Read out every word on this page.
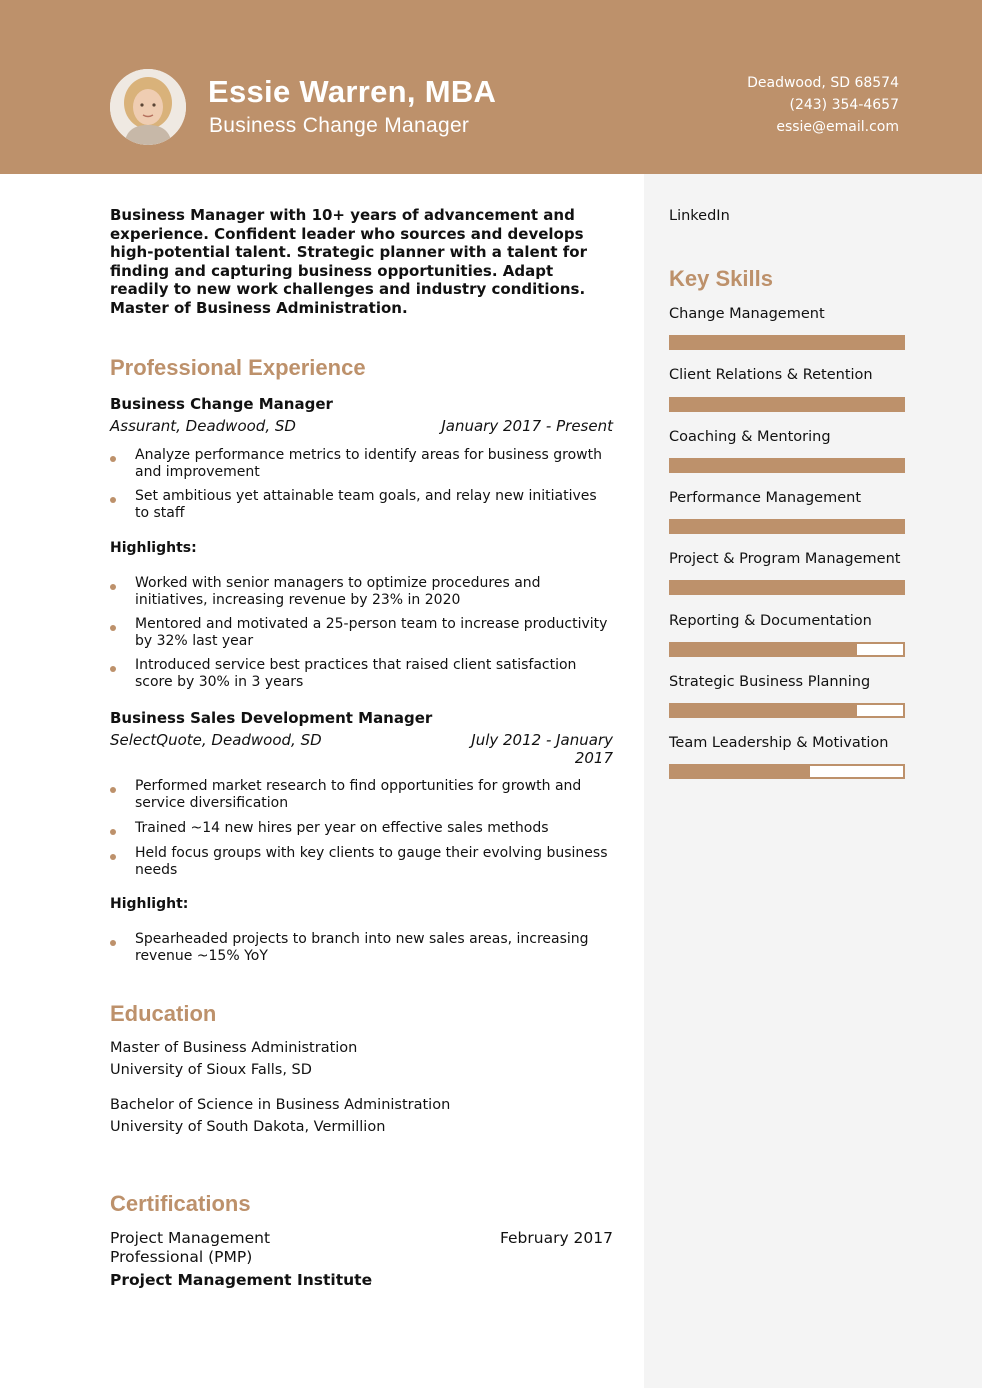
Essie Warren, MBA
Business Change Manager
Deadwood, SD 68574
(243) 354-4657
essie@email.com

Business Manager with 10+ years of advancement and experience. Confident leader who sources and develops high-potential talent. Strategic planner with a talent for finding and capturing business opportunities. Adapt readily to new work challenges and industry conditions. Master of Business Administration.

Professional Experience
Business Change Manager
Assurant, Deadwood, SD	January 2017 - Present
Analyze performance metrics to identify areas for business growth and improvement
Set ambitious yet attainable team goals, and relay new initiatives to staff
Highlights:
Worked with senior managers to optimize procedures and initiatives, increasing revenue by 23% in 2020
Mentored and motivated a 25-person team to increase productivity by 32% last year
Introduced service best practices that raised client satisfaction score by 30% in 3 years
Business Sales Development Manager
SelectQuote, Deadwood, SD	July 2012 - January 2017
Performed market research to find opportunities for growth and service diversification
Trained ~14 new hires per year on effective sales methods
Held focus groups with key clients to gauge their evolving business needs
Highlight:
Spearheaded projects to branch into new sales areas, increasing revenue ~15% YoY
Education
Master of Business Administration
University of Sioux Falls, SD
Bachelor of Science in Business Administration
University of South Dakota, Vermillion
Certifications
Project Management Professional (PMP)
February 2017
Project Management Institute
LinkedIn
Key Skills
Change Management
Client Relations & Retention
Coaching & Mentoring
Performance Management
Project & Program Management
Reporting & Documentation
Strategic Business Planning
Team Leadership & Motivation
